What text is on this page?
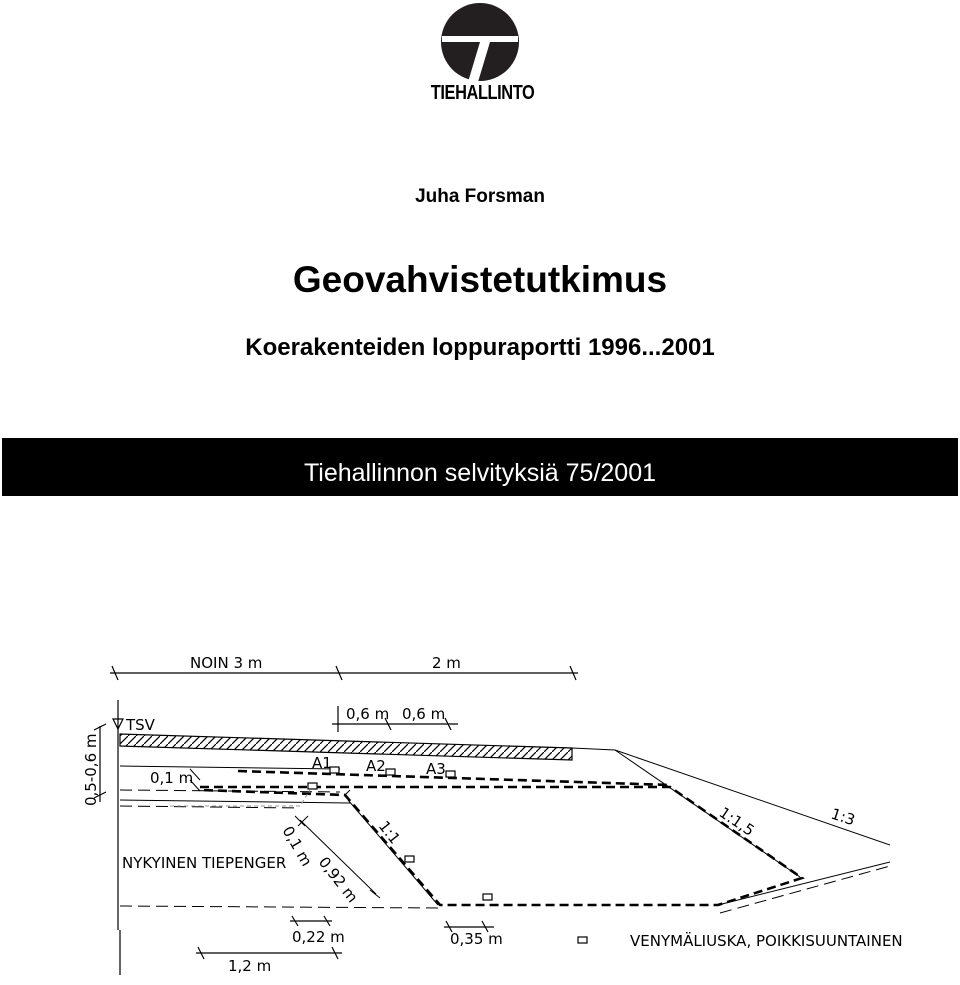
TIEHALLINTO
Juha Forsman
Geovahvistetutkimus
Koerakenteiden loppuraportti 1996...2001
Tiehallinnon selvityksiä 75/2001
NOIN 3 m	2 m
0,6 m 0,6 m
TSV
0,5-0,6 m	0,1 m
A1 A2	A3
1:1	1:1,5	1:3
0,1 m
0,92 m
NYKYINEN TIEPENGER
0,22 m	0,35 m
1,2 m
VENYMÄLIUSKA, POIKKISUUNTAINEN
